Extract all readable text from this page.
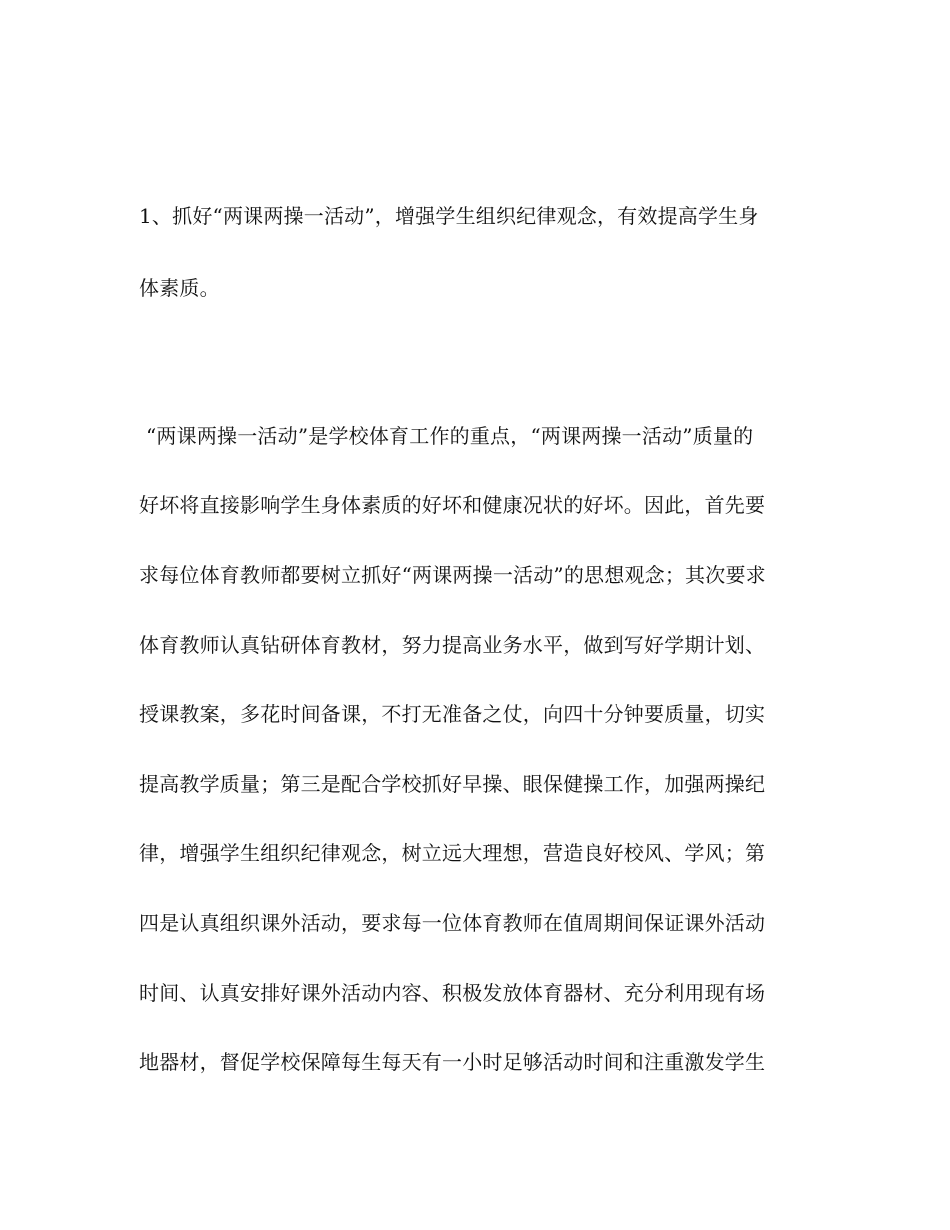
1、抓好“两课两操一活动”，增强学生组织纪律观念，有效提高学生身
体素质。
“两课两操一活动”是学校体育工作的重点，“两课两操一活动”质量的
好坏将直接影响学生身体素质的好坏和健康况状的好坏。因此，首先要
求每位体育教师都要树立抓好“两课两操一活动”的思想观念；其次要求
体育教师认真钻研体育教材，努力提高业务水平，做到写好学期计划、
授课教案，多花时间备课，不打无准备之仗，向四十分钟要质量，切实
提高教学质量；第三是配合学校抓好早操、眼保健操工作，加强两操纪
律，增强学生组织纪律观念，树立远大理想，营造良好校风、学风；第
四是认真组织课外活动，要求每一位体育教师在值周期间保证课外活动
时间、认真安排好课外活动内容、积极发放体育器材、充分利用现有场
地器材，督促学校保障每生每天有一小时足够活动时间和注重激发学生
